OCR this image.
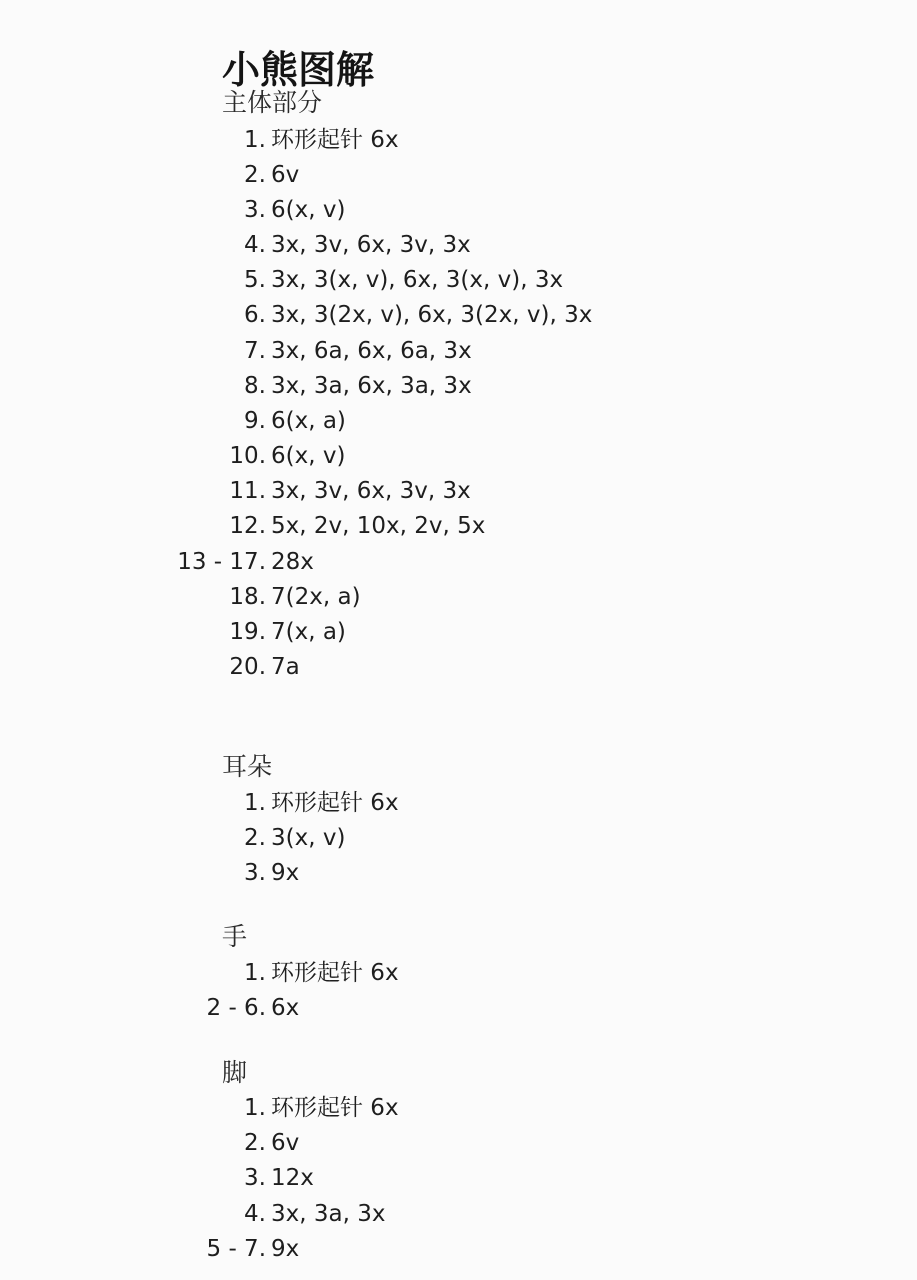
小熊图解
主体部分
1. 环形起针 6x
2. 6v
3. 6(x, v)
4. 3x, 3v, 6x, 3v, 3x
5. 3x, 3(x, v), 6x, 3(x, v), 3x
6. 3x, 3(2x, v), 6x, 3(2x, v), 3x
7. 3x, 6a, 6x, 6a, 3x
8. 3x, 3a, 6x, 3a, 3x
9. 6(x, a)
10. 6(x, v)
11. 3x, 3v, 6x, 3v, 3x
12. 5x, 2v, 10x, 2v, 5x
13 - 17. 28x
18. 7(2x, a)
19. 7(x, a)
20. 7a
耳朵
1. 环形起针 6x
2. 3(x, v)
3. 9x
手
1. 环形起针 6x
2 - 6. 6x
脚
1. 环形起针 6x
2. 6v
3. 12x
4. 3x, 3a, 3x
5 - 7. 9x
